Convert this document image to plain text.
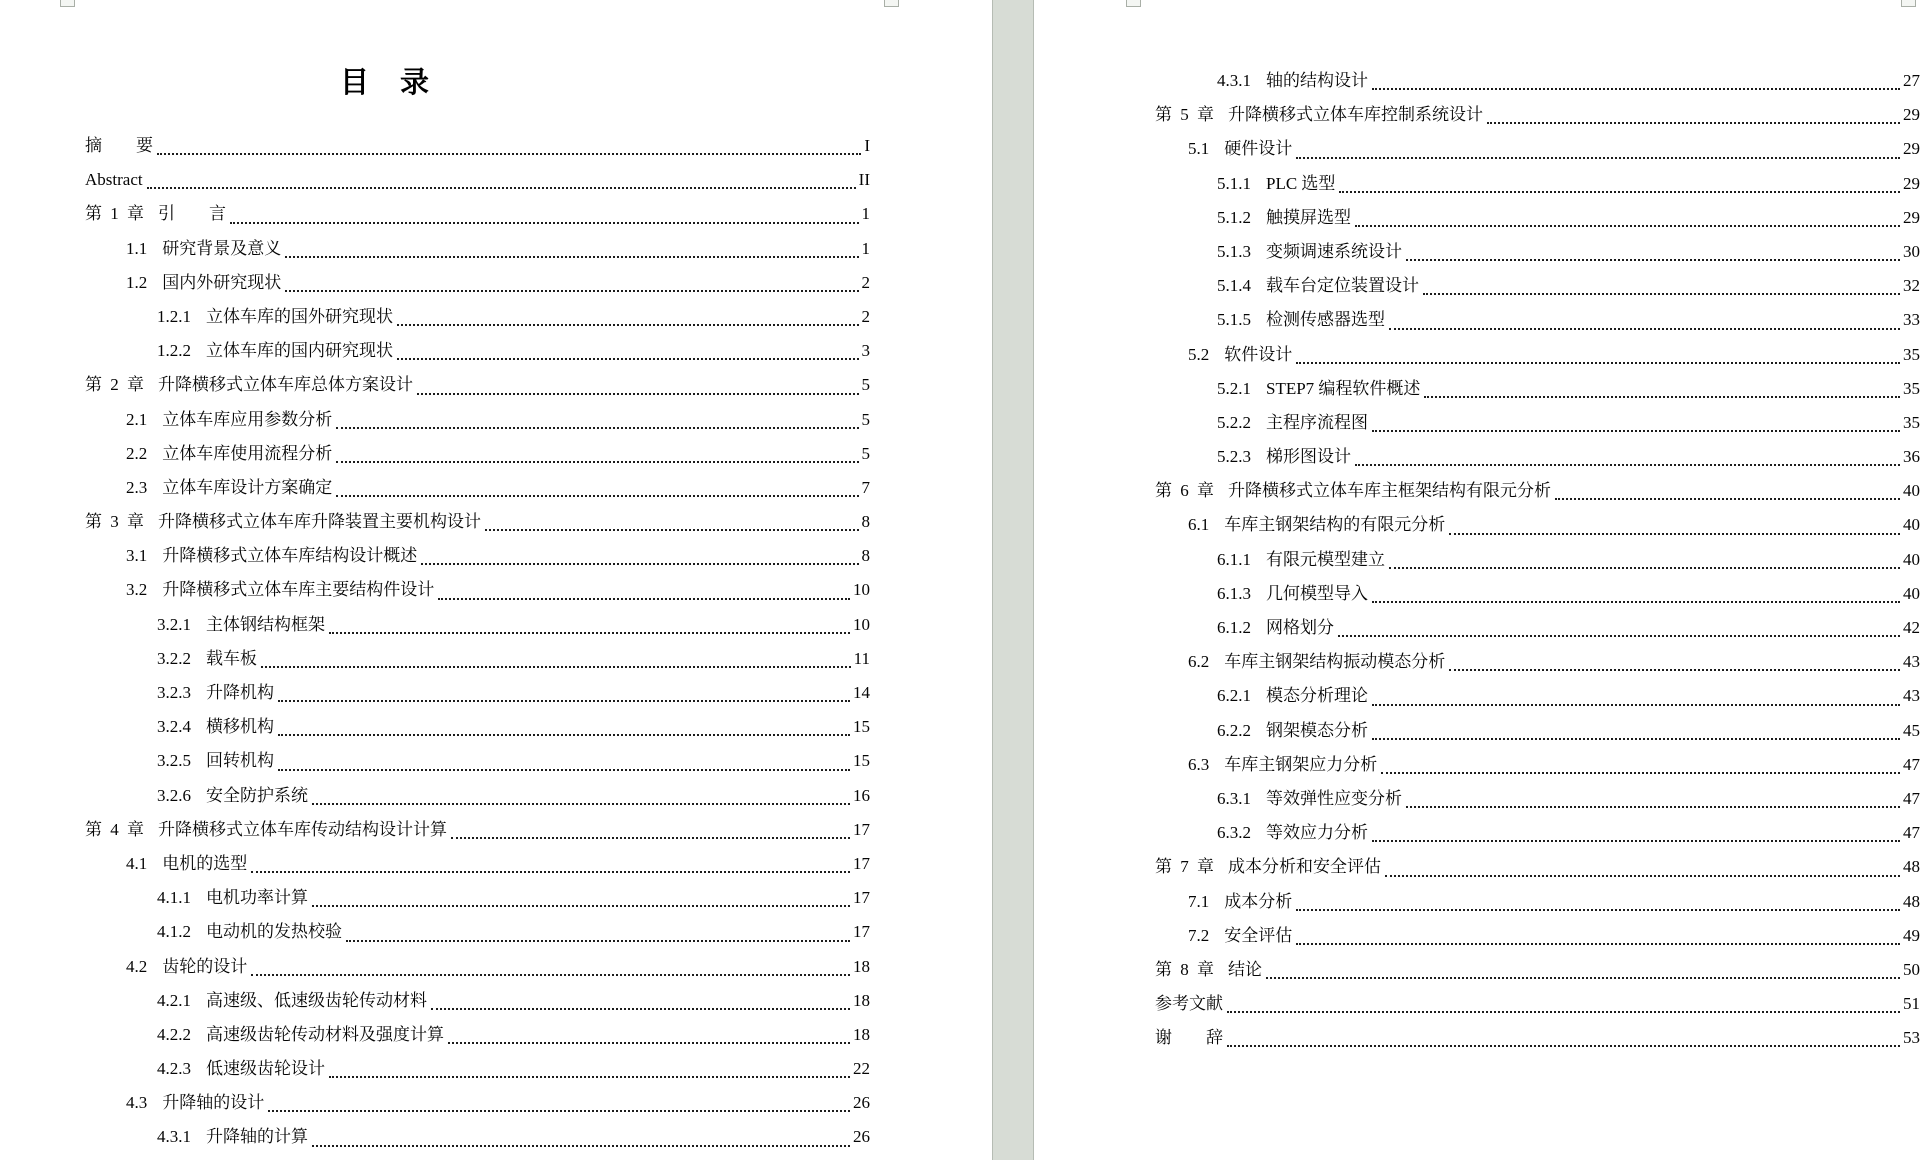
目　录
摘　　要	I
Abstract	II
第 1 章 引　　言	1
1.1 研究背景及意义	1
1.2 国内外研究现状	2
1.2.1 立体车库的国外研究现状	2
1.2.2 立体车库的国内研究现状	3
第 2 章 升降横移式立体车库总体方案设计	5
2.1 立体车库应用参数分析	5
2.2 立体车库使用流程分析	5
2.3 立体车库设计方案确定	7
第 3 章 升降横移式立体车库升降装置主要机构设计	8
3.1 升降横移式立体车库结构设计概述	8
3.2 升降横移式立体车库主要结构件设计	10
3.2.1 主体钢结构框架	10
3.2.2 载车板	11
3.2.3 升降机构	14
3.2.4 横移机构	15
3.2.5 回转机构	15
3.2.6 安全防护系统	16
第 4 章 升降横移式立体车库传动结构设计计算	17
4.1 电机的选型	17
4.1.1 电机功率计算	17
4.1.2 电动机的发热校验	17
4.2 齿轮的设计	18
4.2.1 高速级、低速级齿轮传动材料	18
4.2.2 高速级齿轮传动材料及强度计算	18
4.2.3 低速级齿轮设计	22
4.3 升降轴的设计	26
4.3.1 升降轴的计算	26
4.3.1 轴的结构设计	27
第 5 章 升降横移式立体车库控制系统设计	29
5.1 硬件设计	29
5.1.1 PLC 选型	29
5.1.2 触摸屏选型	29
5.1.3 变频调速系统设计	30
5.1.4 载车台定位装置设计	32
5.1.5 检测传感器选型	33
5.2 软件设计	35
5.2.1 STEP7 编程软件概述	35
5.2.2 主程序流程图	35
5.2.3 梯形图设计	36
第 6 章 升降横移式立体车库主框架结构有限元分析	40
6.1 车库主钢架结构的有限元分析	40
6.1.1 有限元模型建立	40
6.1.3 几何模型导入	40
6.1.2 网格划分	42
6.2 车库主钢架结构振动模态分析	43
6.2.1 模态分析理论	43
6.2.2 钢架模态分析	45
6.3 车库主钢架应力分析	47
6.3.1 等效弹性应变分析	47
6.3.2 等效应力分析	47
第 7 章 成本分析和安全评估	48
7.1 成本分析	48
7.2 安全评估	49
第 8 章 结论	50
参考文献	51
谢　　辞	53
